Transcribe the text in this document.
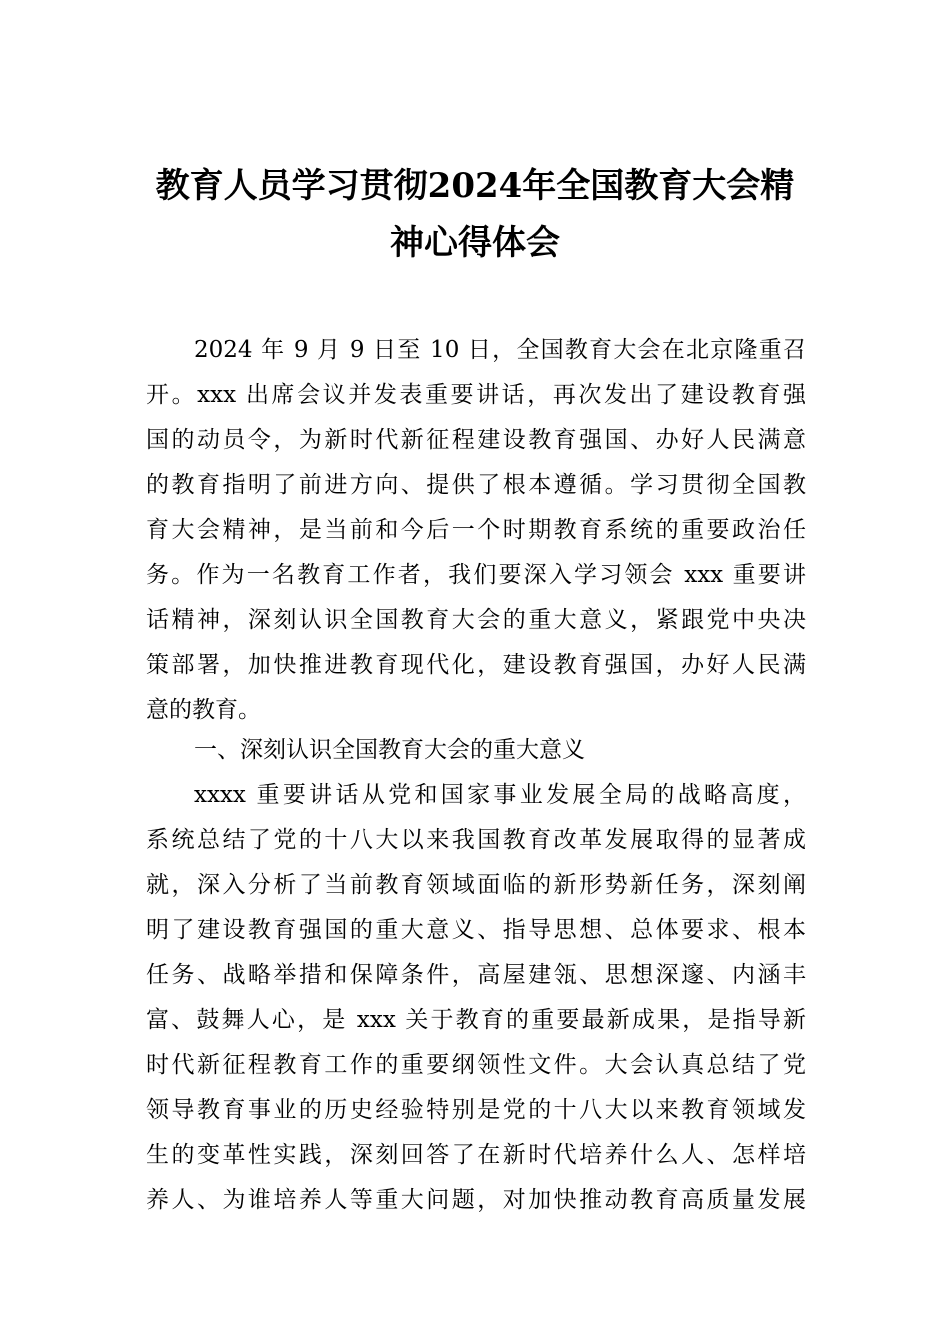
教育人员学习贯彻2024年全国教育大会精
神心得体会
2024 年 9 月 9 日至 10 日，全国教育大会在北京隆重召
开。xxx 出席会议并发表重要讲话，再次发出了建设教育强
国的动员令，为新时代新征程建设教育强国、办好人民满意
的教育指明了前进方向、提供了根本遵循。学习贯彻全国教
育大会精神，是当前和今后一个时期教育系统的重要政治任
务。作为一名教育工作者，我们要深入学习领会 xxx 重要讲
话精神，深刻认识全国教育大会的重大意义，紧跟党中央决
策部署，加快推进教育现代化，建设教育强国，办好人民满
意的教育。
一、深刻认识全国教育大会的重大意义
xxxx 重要讲话从党和国家事业发展全局的战略高度，
系统总结了党的十八大以来我国教育改革发展取得的显著成
就，深入分析了当前教育领域面临的新形势新任务，深刻阐
明了建设教育强国的重大意义、指导思想、总体要求、根本
任务、战略举措和保障条件，高屋建瓴、思想深邃、内涵丰
富、鼓舞人心，是 xxx 关于教育的重要最新成果，是指导新
时代新征程教育工作的重要纲领性文件。大会认真总结了党
领导教育事业的历史经验特别是党的十八大以来教育领域发
生的变革性实践，深刻回答了在新时代培养什么人、怎样培
养人、为谁培养人等重大问题，对加快推动教育高质量发展
